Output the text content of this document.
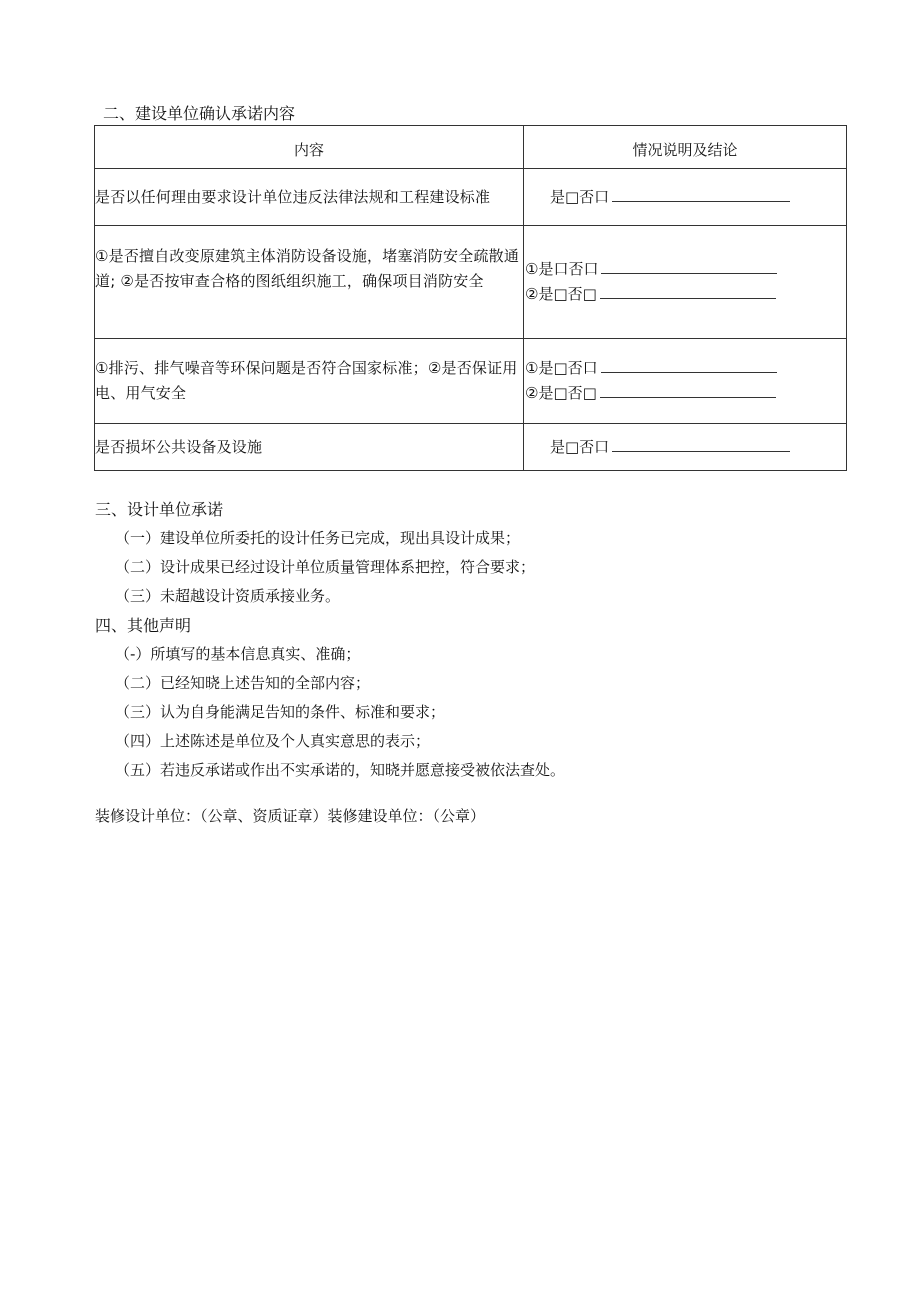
二、建设单位确认承诺内容
内容	情况说明及结论
是否以任何理由要求设计单位违反法律法规和工程建设标准	是□否口
①是否擅自改变原建筑主体消防设备设施，堵塞消防安全疏散通道; ②是否按审查合格的图纸组织施工，确保项目消防安全	①是口否口
②是□否□

①排污、排气噪音等环保问题是否符合国家标准；②是否保证用电、用气安全	①是□否口
②是□否□

是否损坏公共设备及设施	是□否口
三、设计单位承诺
（一）建设单位所委托的设计任务已完成，现出具设计成果；
（二）设计成果已经过设计单位质量管理体系把控，符合要求；
（三）未超越设计资质承接业务。
四、其他声明
（-）所填写的基本信息真实、准确；
（二）已经知晓上述告知的全部内容；
（三）认为自身能满足告知的条件、标准和要求；
（四）上述陈述是单位及个人真实意思的表示；
（五）若违反承诺或作出不实承诺的，知晓并愿意接受被依法查处。
装修设计单位：（公章、资质证章）装修建设单位：（公章）
